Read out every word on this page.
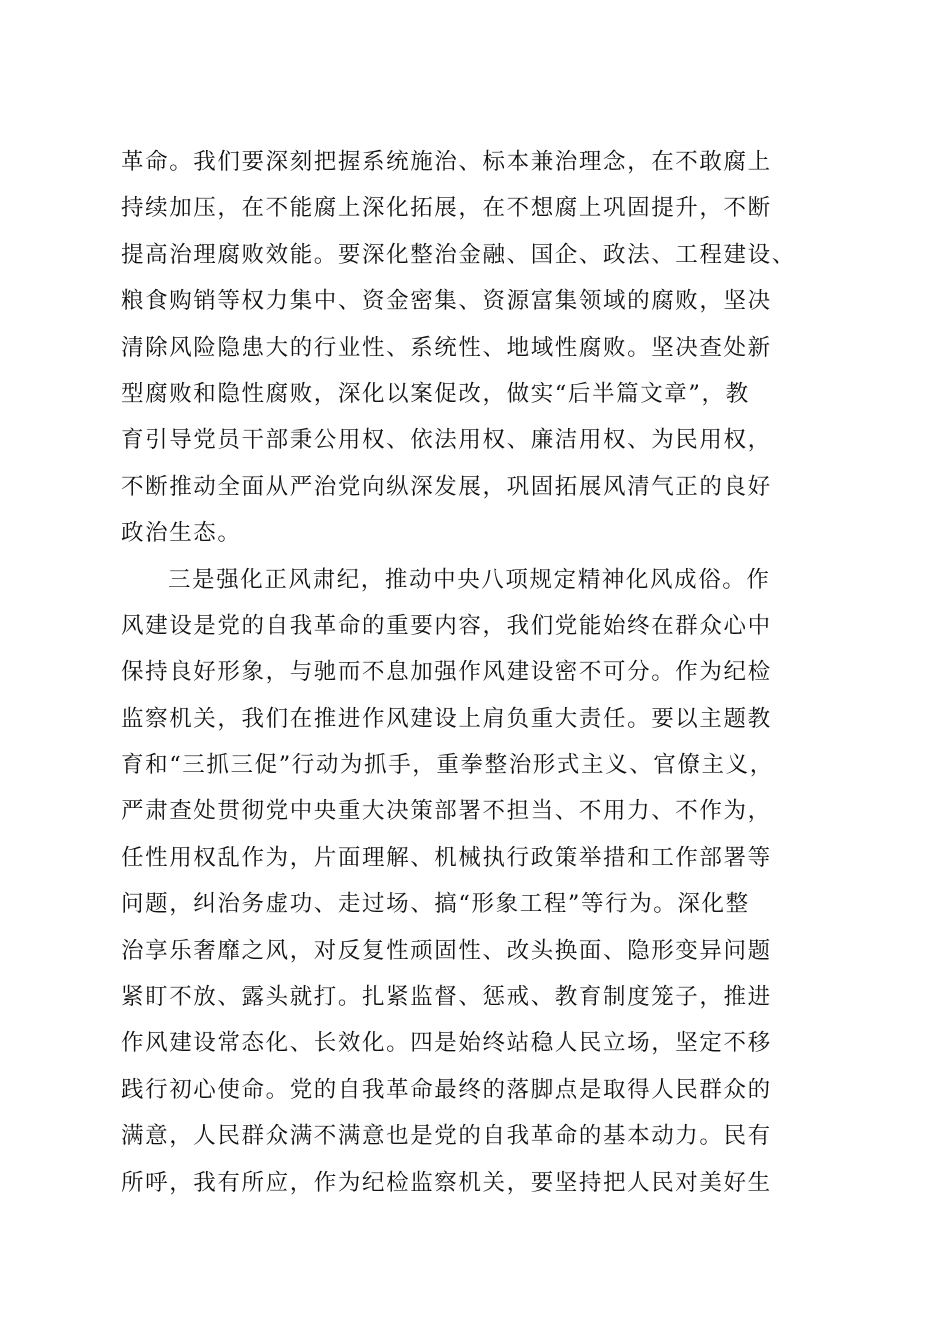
革命。我们要深刻把握系统施治、标本兼治理念，在不敢腐上
持续加压，在不能腐上深化拓展，在不想腐上巩固提升，不断
提高治理腐败效能。要深化整治金融、国企、政法、工程建设、
粮食购销等权力集中、资金密集、资源富集领域的腐败，坚决
清除风险隐患大的行业性、系统性、地域性腐败。坚决查处新
型腐败和隐性腐败，深化以案促改，做实“后半篇文章”，教
育引导党员干部秉公用权、依法用权、廉洁用权、为民用权，
不断推动全面从严治党向纵深发展，巩固拓展风清气正的良好
政治生态。
三是强化正风肃纪，推动中央八项规定精神化风成俗。作
风建设是党的自我革命的重要内容，我们党能始终在群众心中
保持良好形象，与驰而不息加强作风建设密不可分。作为纪检
监察机关，我们在推进作风建设上肩负重大责任。要以主题教
育和“三抓三促”行动为抓手，重拳整治形式主义、官僚主义，
严肃查处贯彻党中央重大决策部署不担当、不用力、不作为，
任性用权乱作为，片面理解、机械执行政策举措和工作部署等
问题，纠治务虚功、走过场、搞“形象工程”等行为。深化整
治享乐奢靡之风，对反复性顽固性、改头换面、隐形变异问题
紧盯不放、露头就打。扎紧监督、惩戒、教育制度笼子，推进
作风建设常态化、长效化。四是始终站稳人民立场，坚定不移
践行初心使命。党的自我革命最终的落脚点是取得人民群众的
满意，人民群众满不满意也是党的自我革命的基本动力。民有
所呼，我有所应，作为纪检监察机关，要坚持把人民对美好生
